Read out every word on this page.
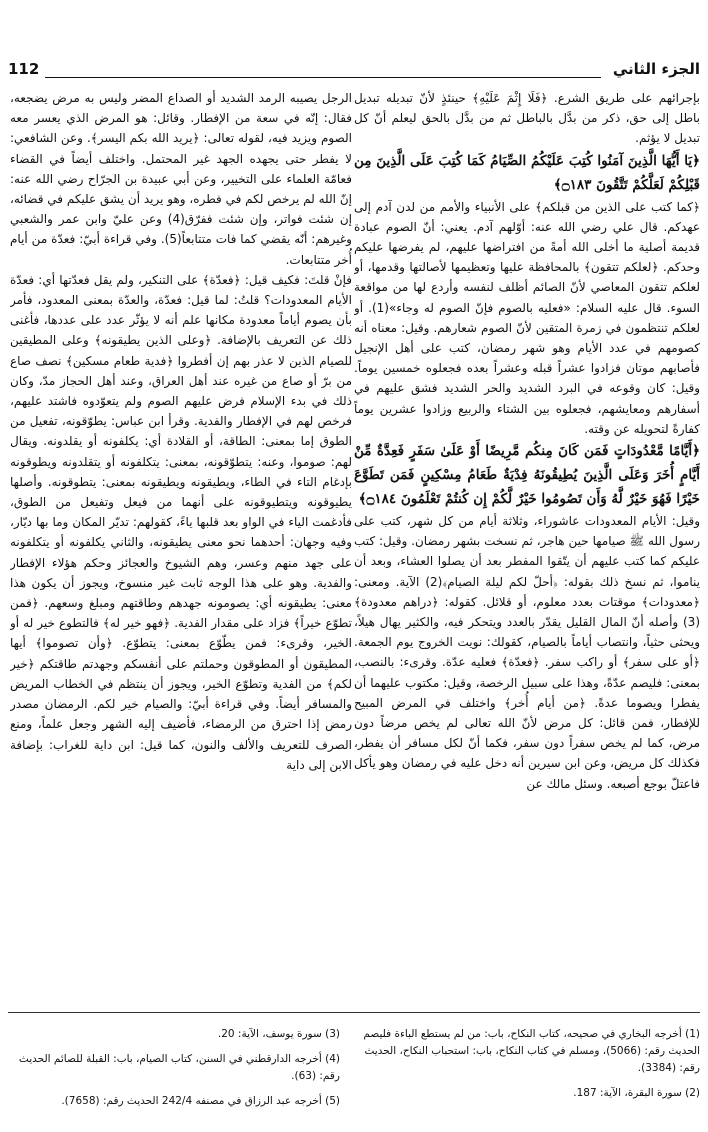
الجزء الثاني
112

بإجرائهم على طريق الشرع. ﴿فَلَا إِثْمَ عَلَيْهِ﴾ حينئذٍ لأنّ تبديله تبديل باطل إلى حق، ذكر من بدَّل بالباطل ثم من بدَّل بالحق ليعلم أنّ كل تبديل لا يؤثم.

﴿يَا أَيُّهَا الَّذِينَ آمَنُوا كُتِبَ عَلَيْكُمُ الصِّيَامُ كَمَا كُتِبَ عَلَى الَّذِينَ مِن قَبْلِكُمْ لَعَلَّكُمْ تَتَّقُونَ ۝١٨٣﴾

﴿كما كتب على الذين من قبلكم﴾ على الأنبياء والأمم من لدن آدم إلى عهدكم. قال علي رضي الله عنه: أوّلهم آدم. يعني: أنّ الصوم عبادة قديمة أصلية ما أخلى الله أمةً من افتراضها عليهم، لم يفرضها عليكم وحدكم. ﴿لعلكم تتقون﴾ بالمحافظة عليها وتعظيمها لأصالتها وقدمها، أو لعلكم تتقون المعاصي لأنّ الصائم أظلف لنفسه وأردع لها من مواقعة السوء. قال عليه السلام: «فعليه بالصوم فإنّ الصوم له وجاء»(1). أو لعلكم تنتظمون في زمرة المتقين لأنّ الصوم شعارهم. وقيل: معناه أنه كصومهم في عدد الأيام وهو شهر رمضان، كتب على أهل الإنجيل فأصابهم موتان فزادوا عشراً قبله وعشراً بعده فجعلوه خمسين يوماً. وقيل: كان وقوعه في البرد الشديد والحر الشديد فشق عليهم في أسفارهم ومعايشهم، فجعلوه بين الشتاء والربيع وزادوا عشرين يوماً كفارةً لتحويله عن وقته.

﴿أَيَّامًا مَّعْدُودَاتٍ فَمَن كَانَ مِنكُم مَّرِيضًا أَوْ عَلَىٰ سَفَرٍ فَعِدَّةٌ مِّنْ أَيَّامٍ أُخَرَ وَعَلَى الَّذِينَ يُطِيقُونَهُ فِدْيَةٌ طَعَامُ مِسْكِينٍ فَمَن تَطَوَّعَ خَيْرًا فَهُوَ خَيْرٌ لَّهُ وَأَن تَصُومُوا خَيْرٌ لَّكُمْ إِن كُنتُمْ تَعْلَمُونَ ۝١٨٤﴾

وقيل: الأيام المعدودات عاشوراء، وثلاثة أيام من كل شهر، كتب على رسول الله ﷺ صيامها حين هاجر، ثم نسخت بشهر رمضان. وقيل: كتب عليكم كما كتب عليهم أن يتّقوا المفطر بعد أن يصلوا العشاء، وبعد أن يناموا، ثم نسخ ذلك بقوله: ﴿أحلّ لكم ليلة الصيام﴾(2) الآية. ومعنى: ﴿معدودات﴾ موقتات بعدد معلوم، أو قلائل. كقوله: ﴿دراهم معدودة﴾(3) وأصله أنّ المال القليل يقدّر بالعدد ويتحكر فيه، والكثير يهال هيلاً، ويحثى حثياً، وانتصاب أياماً بالصيام، كقولك: نويت الخروج يوم الجمعة. ﴿أو على سفر﴾ أو راكب سفر. ﴿فعدّة﴾ فعليه عدّة. وقرىء: بالنصب، بمعنى: فليصم عدّةً، وهذا على سبيل الرخصة، وقيل: مكتوب عليهما أن يفطرا ويصوما عدةً. ﴿من أيام أُخر﴾ واختلف في المرض المبيح للإفطار، فمن قائل: كل مرض لأنّ الله تعالى لم يخص مرضاً دون مرض، كما لم يخص سفراً دون سفر، فكما أنّ لكل مسافر أن يفطر، فكذلك كل مريض، وعن ابن سيرين أنه دخل عليه في رمضان وهو يأكل فاعتلّ بوجع أصبعه. وسئل مالك عن

الرجل يصيبه الرمد الشديد أو الصداع المضر وليس به مرض يضجعه، فقال: إنّه في سعة من الإفطار. وقائل: هو المرض الذي يعسر معه الصوم ويزيد فيه، لقوله تعالى: ﴿يريد الله بكم اليسر﴾. وعن الشافعي: لا يفطر حتى يجهده الجهد غير المحتمل. واختلف أيضاً في القضاء فعامّة العلماء على التخيير، وعن أبي عبيدة بن الجرّاح رضي الله عنه: إنّ الله لم يرخص لكم في فطره، وهو يريد أن يشق عليكم في قضائه، إن شئت فواتر، وإن شئت ففرّق(4) وعن عليّ وابن عمر والشعبي وغيرهم: أنّه يقضي كما فات متتابعاً(5). وفي قراءة أبيّ: فعدّة من أيام أُخر متتابعات.

فإنْ قلتَ: فكيف قيل: ﴿فعدّة﴾ على التنكير، ولم يقل فعدّتها أي: فعدّة الأيام المعدودات؟ قلتُ: لما قيل: فعدّة، والعدّة بمعنى المعدود، فأمر بأن يصوم أياماً معدودة مكانها علم أنه لا يؤثّر عدد على عددها، فأغنى ذلك عن التعريف بالإضافة. ﴿وعلى الذين يطيقونه﴾ وعلى المطيقين للصيام الذين لا عذر بهم إن أفطروا ﴿فدية طعام مسكين﴾ نصف صاع من برّ أو صاع من غيره عند أهل العراق، وعند أهل الحجاز مدّ، وكان ذلك في بدء الإسلام فرض عليهم الصوم ولم يتعوّدوه فاشتد عليهم، فرخص لهم في الإفطار والفدية. وقرأ ابن عباس: يطوّقونه، تفعيل من الطوق إما بمعنى: الطاقة، أو القلادة أي: يكلفونه أو يقلدونه. ويقال لهم: صوموا، وعنه: يتطوّقونه، بمعنى: يتكلفونه أو يتقلدونه ويطوقونه بإدغام التاء في الطاء، ويطيقونه ويطيقونه بمعنى: يتطوقونه. وأصلها يطيوقونه ويتطيوقونه على أنهما من فيعل وتفيعل من الطوق، فأدغمت الياء في الواو بعد قلبها ياءً، كقولهم: تديّر المكان وما بها ديّار، وفيه وجهان: أحدهما نحو معنى يطيقونه، والثاني يكلفونه أو يتكلفونه على جهد منهم وعسر، وهم الشيوخ والعجائز وحكم هؤلاء الإفطار والفدية. وهو على هذا الوجه ثابت غير منسوخ، ويجوز أن يكون هذا معنى: يطيقونه أي: يصومونه جهدهم وطاقتهم ومبلغ وسعهم. ﴿فمن تطوّع خيراً﴾ فزاد على مقدار الفدية. ﴿فهو خير له﴾ فالتطوع خير له أو الخير، وقرىء: فمن يطّوّع بمعنى: يتطوّع. ﴿وأن تصوموا﴾ أيها المطيقون أو المطوقون وحملتم على أنفسكم وجهدتم طاقتكم ﴿خير لكم﴾ من الفدية وتطوّع الخير، ويجوز أن ينتظم في الخطاب المريض والمسافر أيضاً. وفي قراءة أبيّ: والصيام خير لكم. الرمضان مصدر رمض إذا احترق من الرمضاء، فأضيف إليه الشهر وجعل علماً، ومنع الصرف للتعريف والألف والنون، كما قيل: ابن داية للغراب: بإضافة الابن إلى داية

(1) أخرجه البخاري في صحيحه، كتاب النكاح، باب: من لم يستطع الباءة فليصم الحديث رقم: (5066)، ومسلم في كتاب النكاح، باب: استحباب النكاح، الحديث رقم: (3384).
(2) سورة البقرة، الآية: 187.
(3) سورة يوسف، الآية: 20.
(4) أخرجه الدارقطني في السنن، كتاب الصيام، باب: القبلة للصائم الحديث رقم: (63).
(5) أخرجه عبد الرزاق في مصنفه 242/4 الحديث رقم: (7658).
